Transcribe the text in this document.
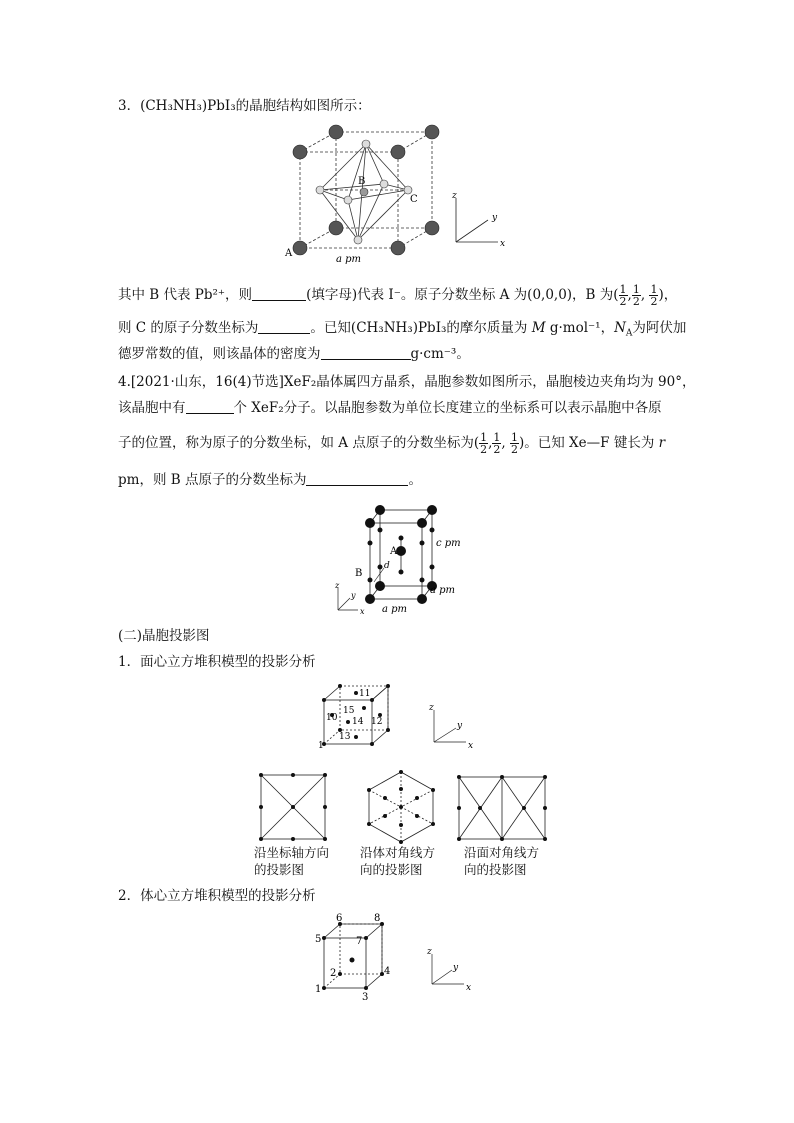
3．(CH₃NH₃)PbI₃的晶胞结构如图所示：
B
C
A
a pm
z
y
x
其中 B 代表 Pb²⁺，则	(填字母)代表 I⁻。原子分数坐标 A 为(0,0,0)，B 为( $\frac{1}{2}$ , $\frac{1}{2}$ , $\frac{1}{2}$ )，
则 C 的原子分数坐标为	。已知(CH₃NH₃)PbI₃的摩尔质量为 M g·mol⁻¹，$N_A$为阿伏加
德罗常数的值，则该晶体的密度为	g·cm⁻³。
4.[2021·山东，16(4)节选]XeF₂晶体属四方晶系，晶胞参数如图所示，晶胞棱边夹角均为 90°，
该晶胞中有	个 XeF₂分子。以晶胞参数为单位长度建立的坐标系可以表示晶胞中各原
子的位置，称为原子的分数坐标，如 A 点原子的分数坐标为( $\frac{1}{2}$ , $\frac{1}{2}$ , $\frac{1}{2}$ )。已知 Xe—F 键长为 r
pm，则 B 点原子的分数坐标为	。
A
B
d
c pm
a pm
a pm
z
y
x
(二)晶胞投影图
1．面心立方堆积模型的投影分析
1
10
11
12
13
14
15	z
y
x
沿坐标轴方向
的投影图
沿体对角线方
向的投影图
沿面对角线方
向的投影图
2．体心立方堆积模型的投影分析
1
2
3
4
5
6
7
8
z
y
x
